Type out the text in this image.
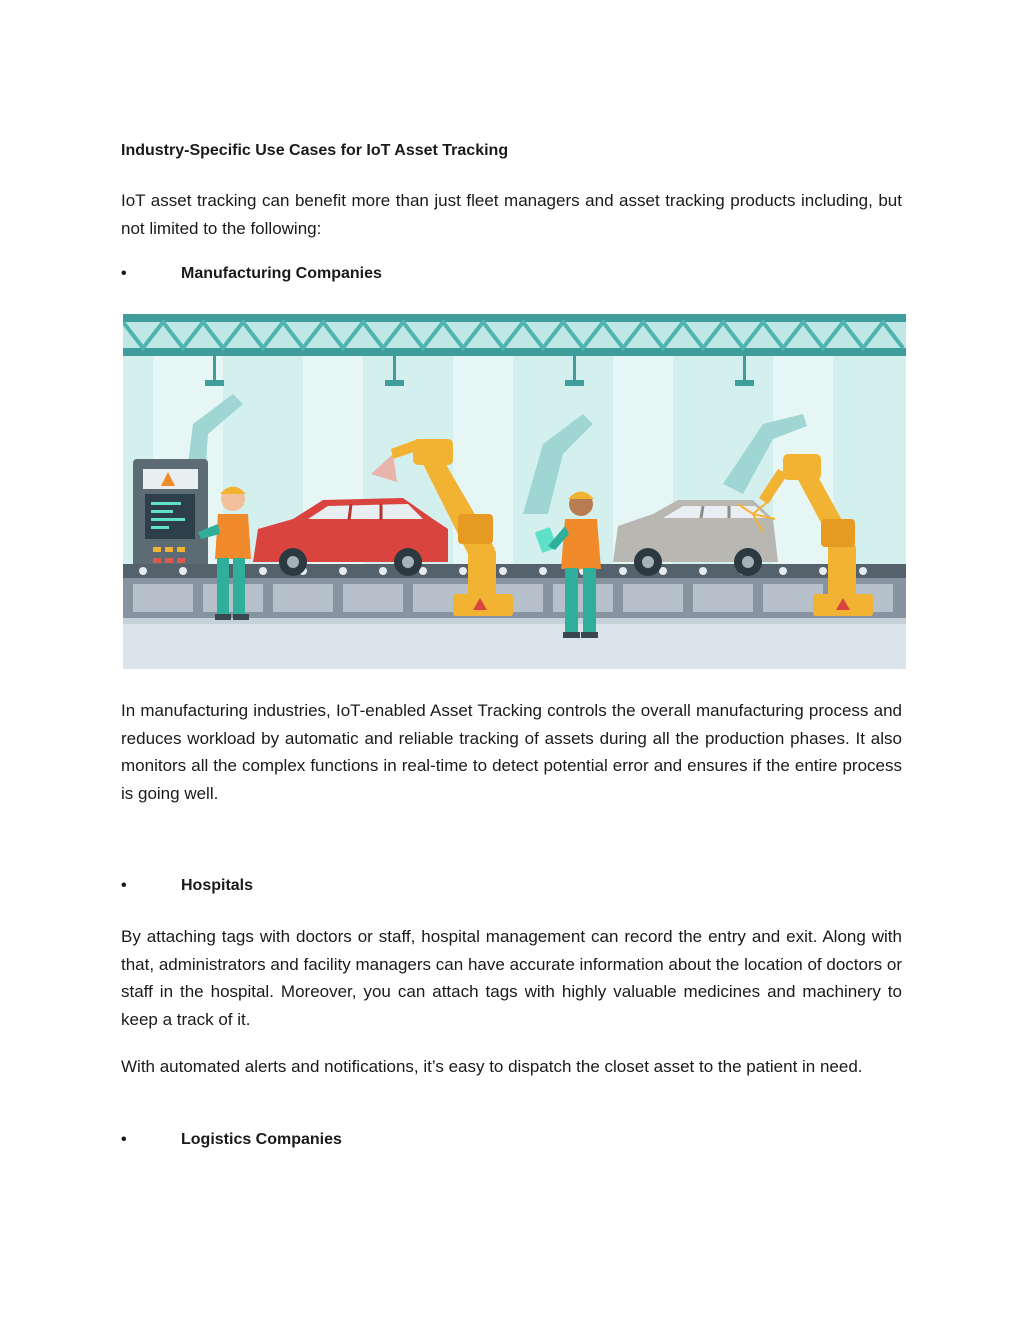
Industry-Specific Use Cases for IoT Asset Tracking

IoT asset tracking can benefit more than just fleet managers and asset tracking products including, but not limited to the following:

•	Manufacturing Companies

In manufacturing industries, IoT-enabled Asset Tracking controls the overall manufacturing process and reduces workload by automatic and reliable tracking of assets during all the production phases. It also monitors all the complex functions in real-time to detect potential error and ensures if the entire process is going well.

•	Hospitals

By attaching tags with doctors or staff, hospital management can record the entry and exit. Along with that, administrators and facility managers can have accurate information about the location of doctors or staff in the hospital. Moreover, you can attach tags with highly valuable medicines and machinery to keep a track of it.

With automated alerts and notifications, it’s easy to dispatch the closet asset to the patient in need.

•	Logistics Companies
